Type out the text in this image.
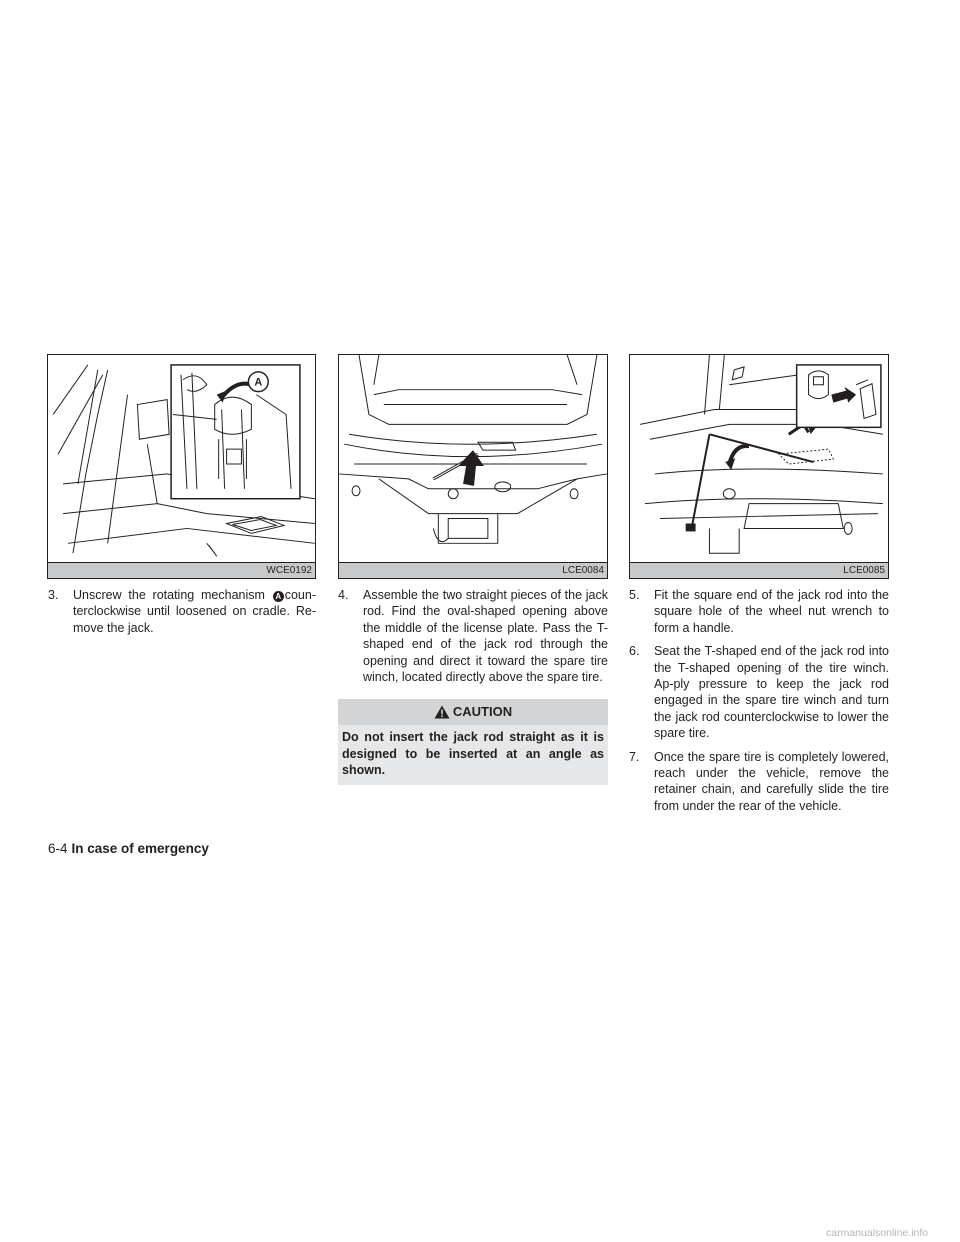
A
WCE0192	LCE0084	LCE0085
3. Unscrew the rotating mechanism A coun-terclockwise until loosened on cradle. Re-move the jack.
4. Assemble the two straight pieces of the jack rod. Find the oval-shaped opening above the middle of the license plate. Pass the T-shaped end of the jack rod through the opening and direct it toward the spare tire winch, located directly above the spare tire.
CAUTION
Do not insert the jack rod straight as it is designed to be inserted at an angle as shown.
5. Fit the square end of the jack rod into the square hole of the wheel nut wrench to form a handle.
6. Seat the T-shaped end of the jack rod into the T-shaped opening of the tire winch. Ap-ply pressure to keep the jack rod engaged in the spare tire winch and turn the jack rod counterclockwise to lower the spare tire.
7. Once the spare tire is completely lowered, reach under the vehicle, remove the retainer chain, and carefully slide the tire from under the rear of the vehicle.
6-4 In case of emergency
carmanualsonline.info
